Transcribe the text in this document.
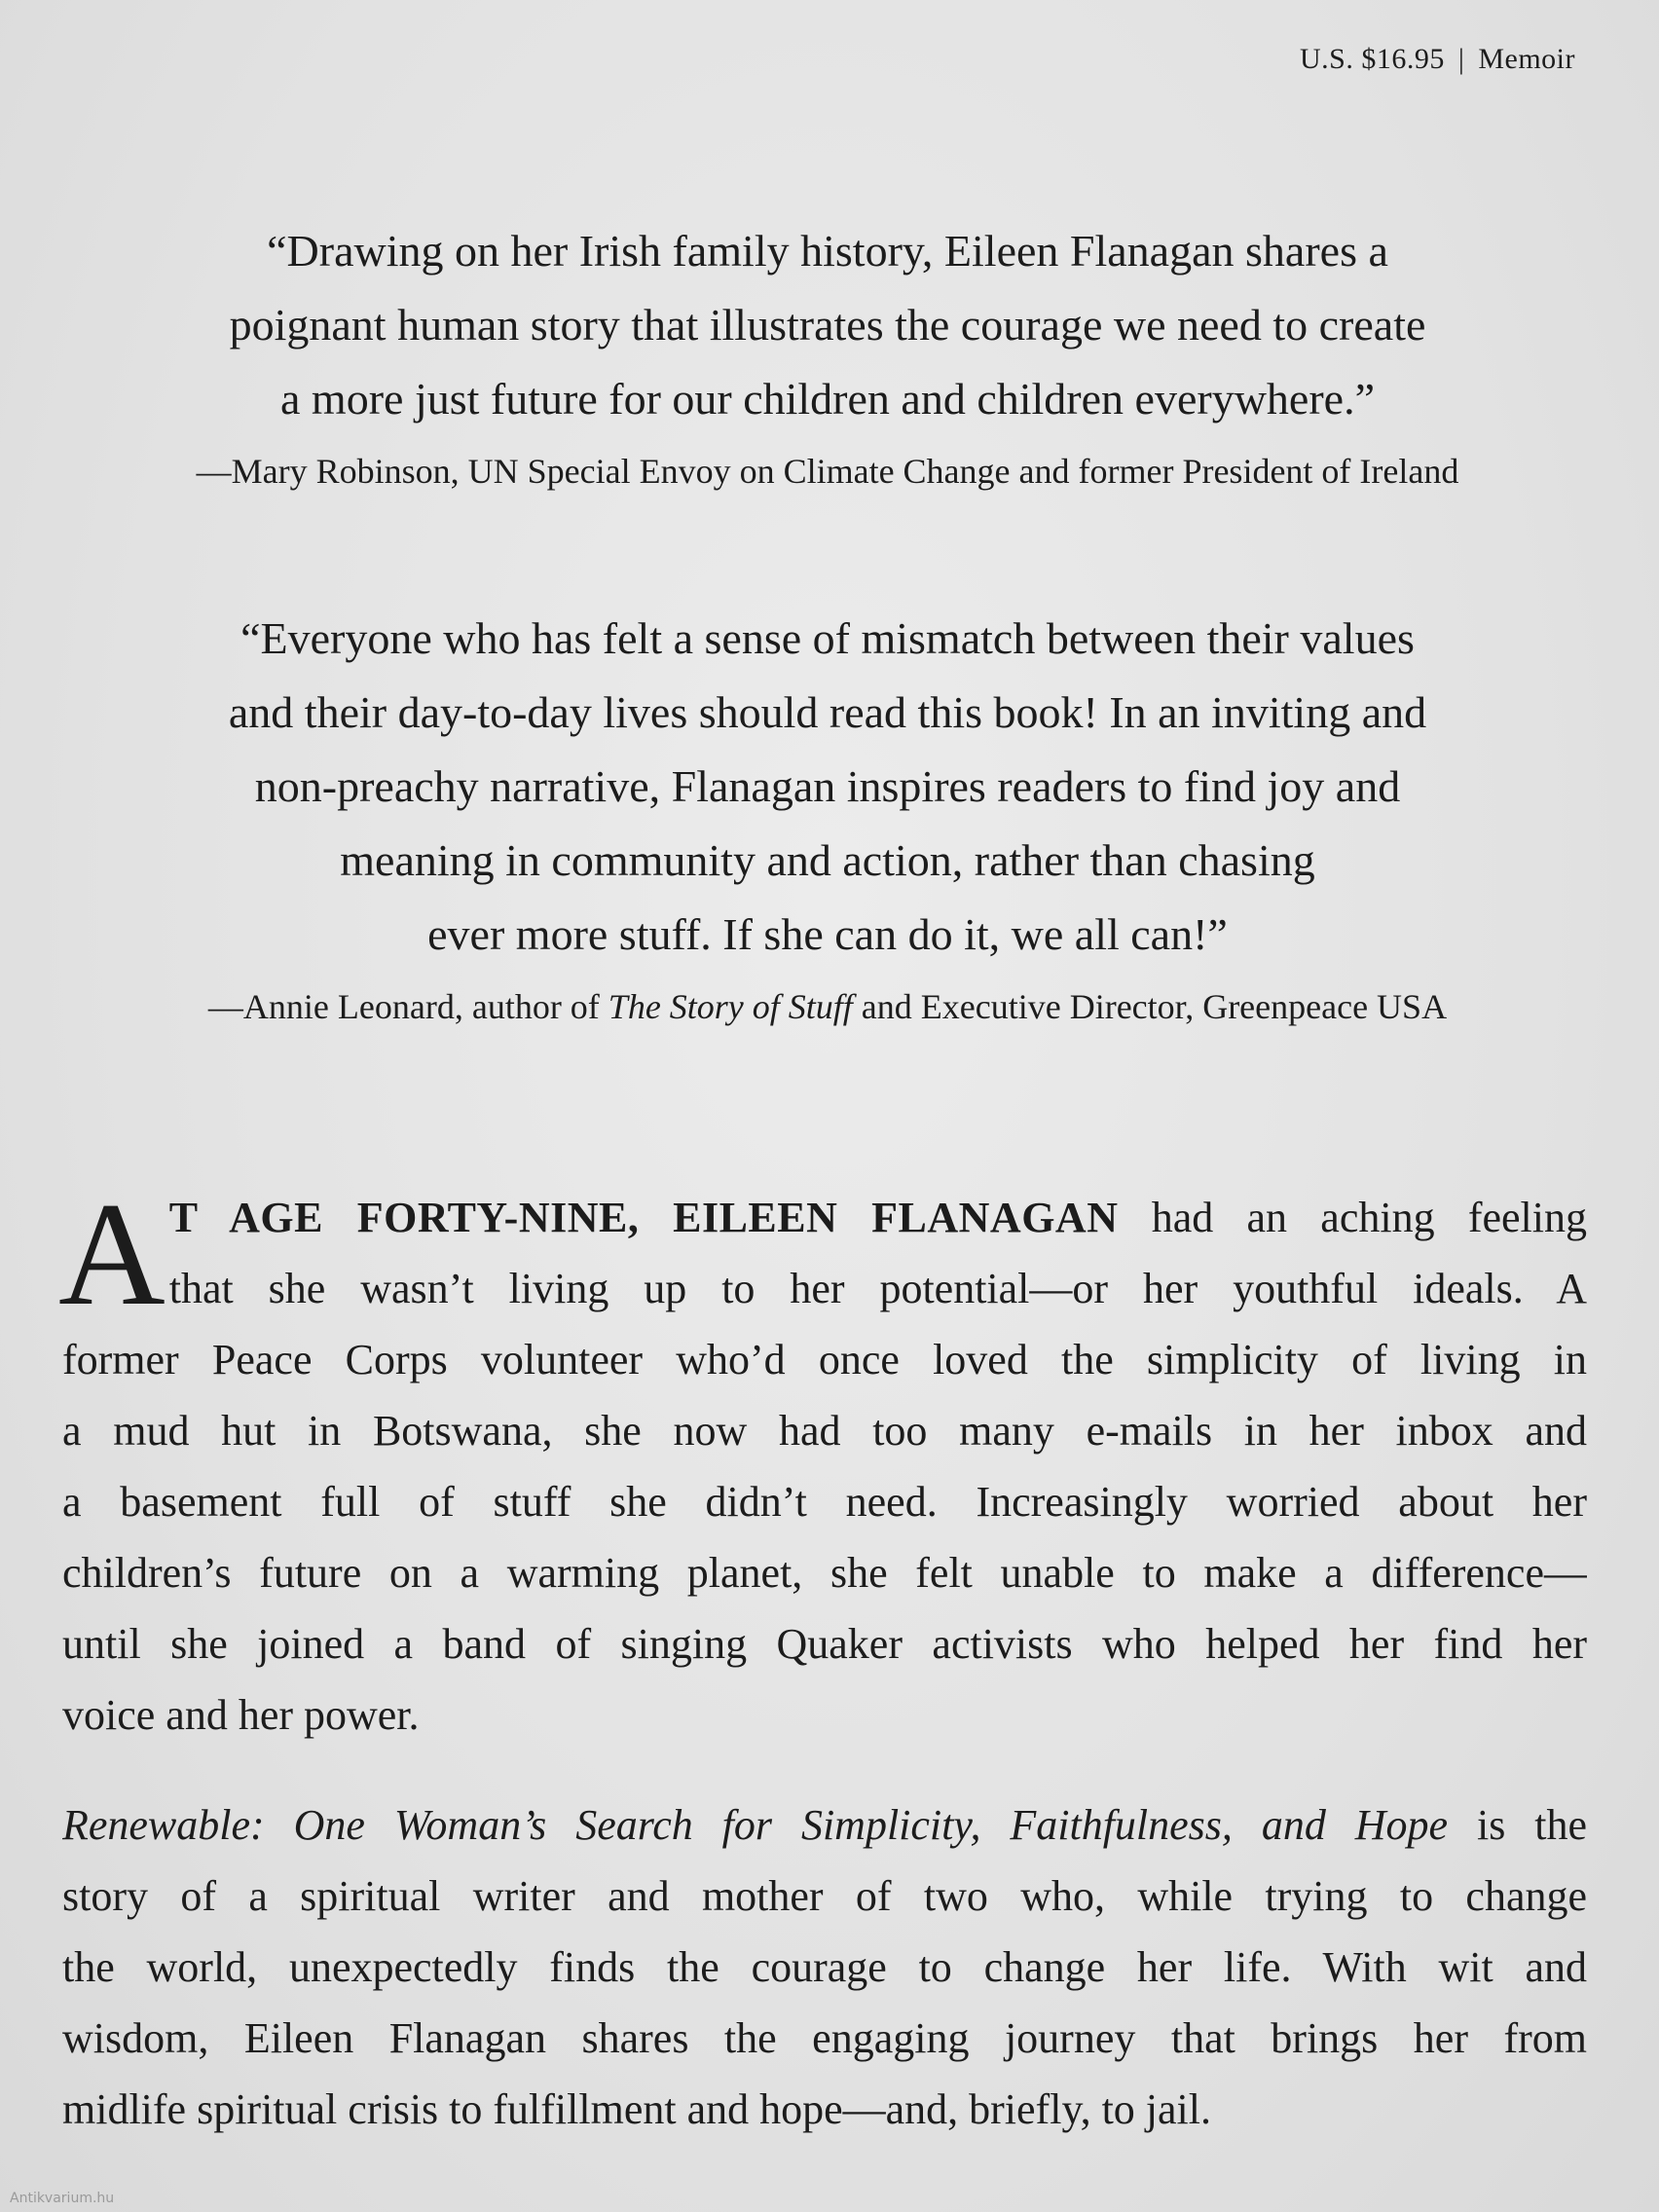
U.S. $16.95 | Memoir

“Drawing on her Irish family history, Eileen Flanagan shares a
poignant human story that illustrates the courage we need to create
a more just future for our children and children everywhere.”

—Mary Robinson, UN Special Envoy on Climate Change and former President of Ireland

“Everyone who has felt a sense of mismatch between their values
and their day-to-day lives should read this book! In an inviting and
non-preachy narrative, Flanagan inspires readers to find joy and
meaning in community and action, rather than chasing
ever more stuff. If she can do it, we all can!”

—Annie Leonard, author of The Story of Stuff and Executive Director, Greenpeace USA
A T AGE FORTY-NINE, EILEEN FLANAGAN had an aching feeling
that she wasn’t living up to her potential—or her youthful ideals. A
former Peace Corps volunteer who’d once loved the simplicity of living in
a mud hut in Botswana, she now had too many e-mails in her inbox and
a basement full of stuff she didn’t need. Increasingly worried about her
children’s future on a warming planet, she felt unable to make a difference—
until she joined a band of singing Quaker activists who helped her find her
voice and her power.
Renewable: One Woman’s Search for Simplicity, Faithfulness, and Hope is the
story of a spiritual writer and mother of two who, while trying to change
the world, unexpectedly finds the courage to change her life. With wit and
wisdom, Eileen Flanagan shares the engaging journey that brings her from
midlife spiritual crisis to fulfillment and hope—and, briefly, to jail.
Antikvarium.hu
